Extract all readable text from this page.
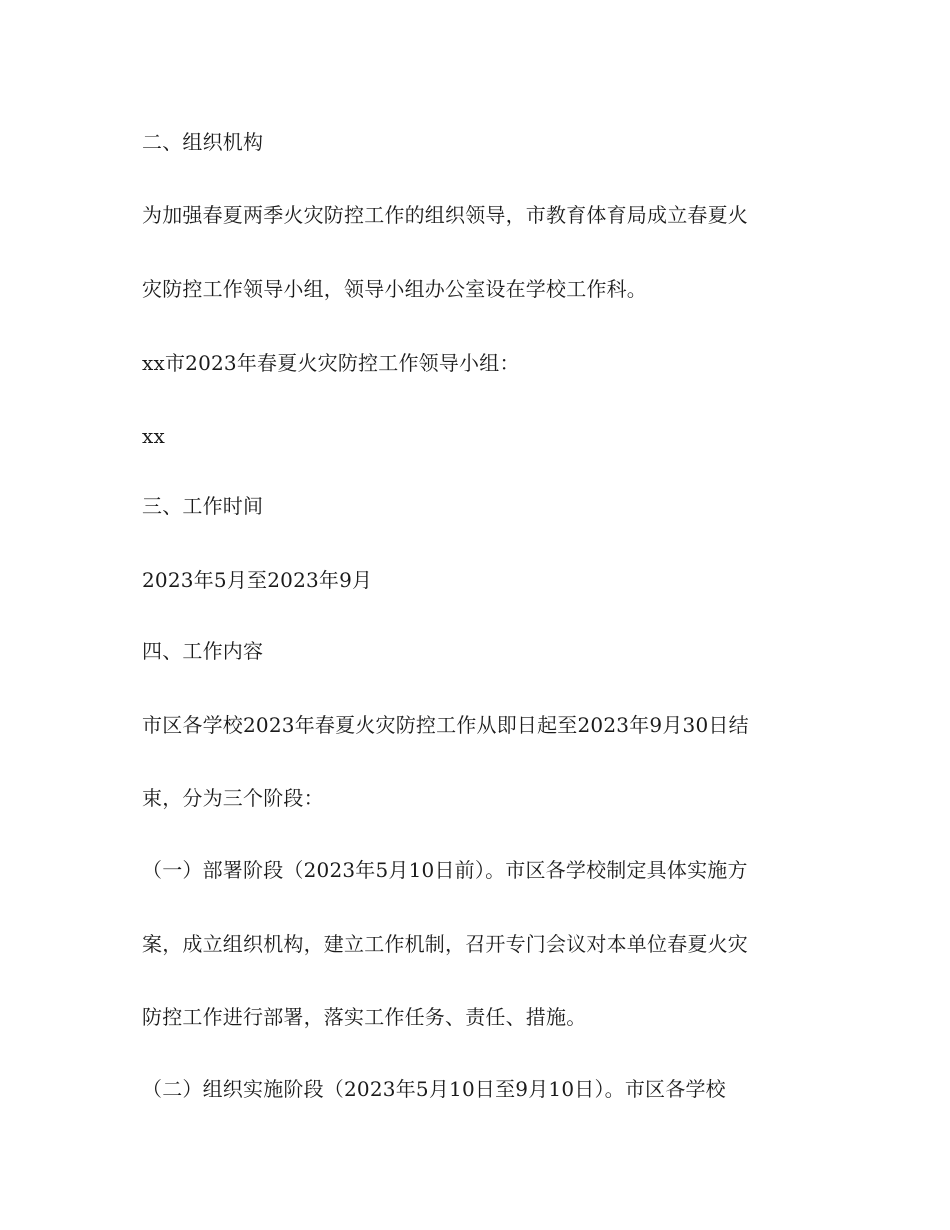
二、组织机构
为加强春夏两季火灾防控工作的组织领导，市教育体育局成立春夏火
灾防控工作领导小组，领导小组办公室设在学校工作科。
xx市2023年春夏火灾防控工作领导小组：
xx
三、工作时间
2023年5月至2023年9月
四、工作内容
市区各学校2023年春夏火灾防控工作从即日起至2023年9月30日结
束，分为三个阶段：
（一）部署阶段（2023年5月10日前）。市区各学校制定具体实施方
案，成立组织机构，建立工作机制，召开专门会议对本单位春夏火灾
防控工作进行部署，落实工作任务、责任、措施。
（二）组织实施阶段（2023年5月10日至9月10日）。市区各学校
